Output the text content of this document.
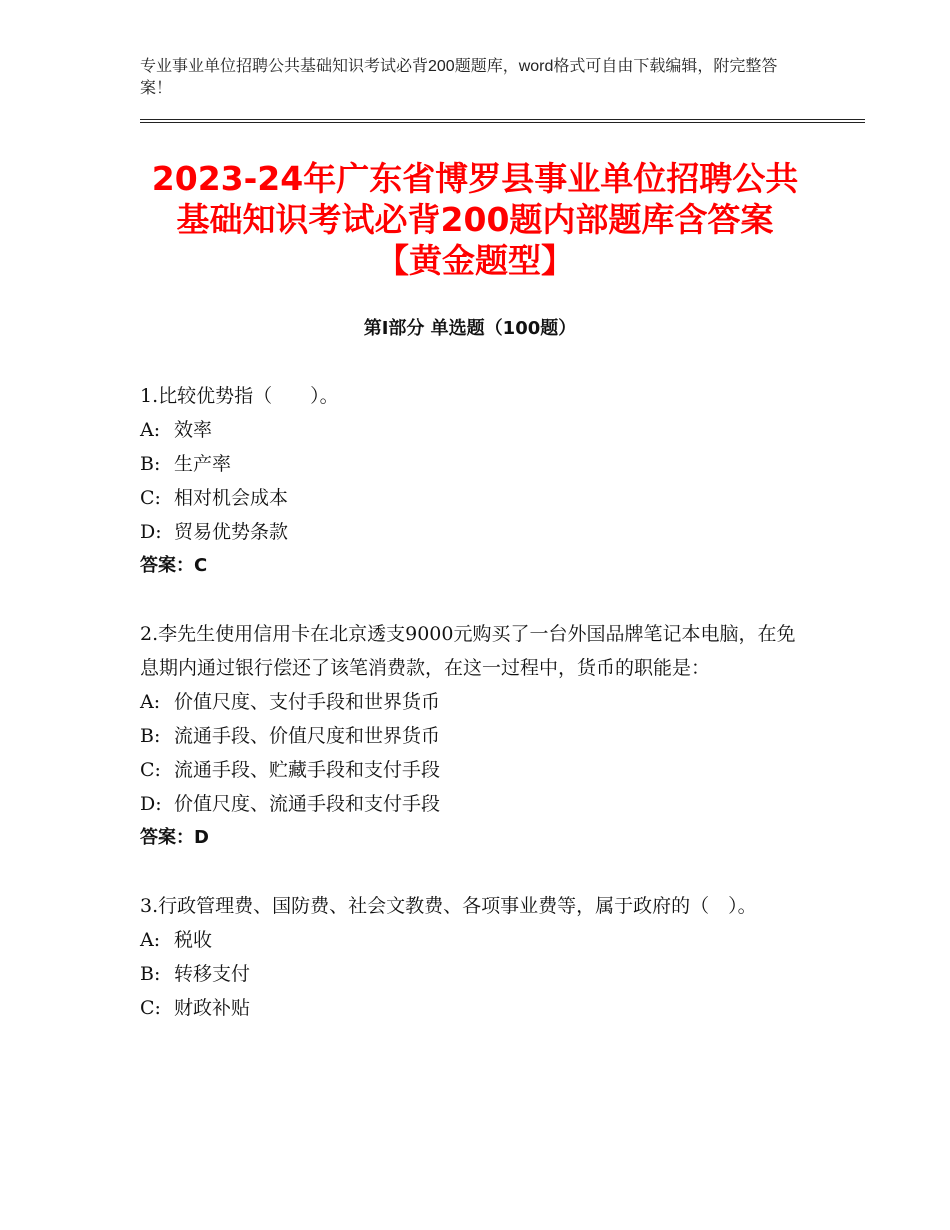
专业事业单位招聘公共基础知识考试必背200题题库，word格式可自由下载编辑，附完整答案！
2023-24年广东省博罗县事业单位招聘公共
基础知识考试必背200题内部题库含答案
【黄金题型】
第Ⅰ部分 单选题（100题）
1.比较优势指（　　）。
A: 效率
B: 生产率
C: 相对机会成本
D: 贸易优势条款
答案：C
2.李先生使用信用卡在北京透支9000元购买了一台外国品牌笔记本电脑，在免息期内通过银行偿还了该笔消费款，在这一过程中，货币的职能是：
A: 价值尺度、支付手段和世界货币
B: 流通手段、价值尺度和世界货币
C: 流通手段、贮藏手段和支付手段
D: 价值尺度、流通手段和支付手段
答案：D
3.行政管理费、国防费、社会文教费、各项事业费等，属于政府的（　）。
A: 税收
B: 转移支付
C: 财政补贴
